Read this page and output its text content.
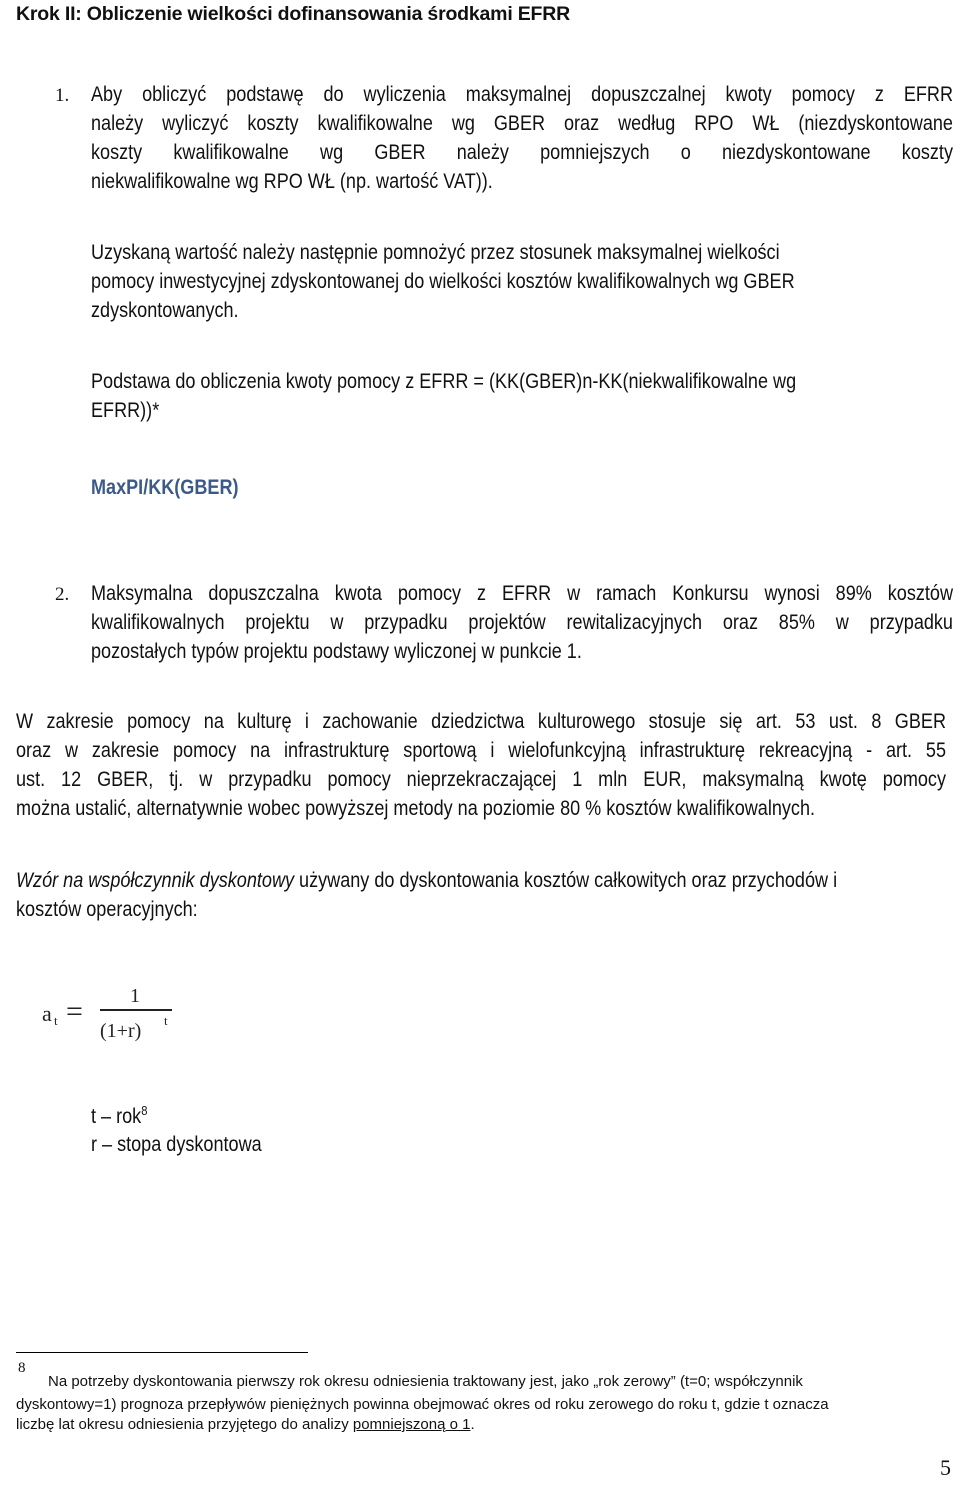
Krok II: Obliczenie wielkości dofinansowania środkami EFRR
1. Aby obliczyć podstawę do wyliczenia maksymalnej dopuszczalnej kwoty pomocy z EFRR
należy wyliczyć koszty kwalifikowalne wg GBER oraz według RPO WŁ (niezdyskontowane
koszty kwalifikowalne wg GBER należy pomniejszych o niezdyskontowane koszty
niekwalifikowalne wg RPO WŁ (np. wartość VAT)).
Uzyskaną wartość należy następnie pomnożyć przez stosunek maksymalnej wielkości
pomocy inwestycyjnej zdyskontowanej do wielkości kosztów kwalifikowalnych wg GBER
zdyskontowanych.
Podstawa do obliczenia kwoty pomocy z EFRR = (KK(GBER)n-KK(niekwalifikowalne wg
EFRR))*
MaxPI/KK(GBER)
2. Maksymalna dopuszczalna kwota pomocy z EFRR w ramach Konkursu wynosi 89% kosztów
kwalifikowalnych projektu w przypadku projektów rewitalizacyjnych oraz 85% w przypadku
pozostałych typów projektu podstawy wyliczonej w punkcie 1.
W zakresie pomocy na kulturę i zachowanie dziedzictwa kulturowego stosuje się art. 53 ust. 8 GBER
oraz w zakresie pomocy na infrastrukturę sportową i wielofunkcyjną infrastrukturę rekreacyjną - art. 55
ust. 12 GBER, tj. w przypadku pomocy nieprzekraczającej 1 mln EUR, maksymalną kwotę pomocy
można ustalić, alternatywnie wobec powyższej metody na poziomie 80 % kosztów kwalifikowalnych.
Wzór na współczynnik dyskontowy używany do dyskontowania kosztów całkowitych oraz przychodów i
kosztów operacyjnych:
a t = 1
(1+r) t
t – rok$^8$
r – stopa dyskontowa
8
Na potrzeby dyskontowania pierwszy rok okresu odniesienia traktowany jest, jako „rok zerowy” (t=0; współczynnik
dyskontowy=1) prognoza przepływów pieniężnych powinna obejmować okres od roku zerowego do roku t, gdzie t oznacza
liczbę lat okresu odniesienia przyjętego do analizy pomniejszoną o 1.
5
